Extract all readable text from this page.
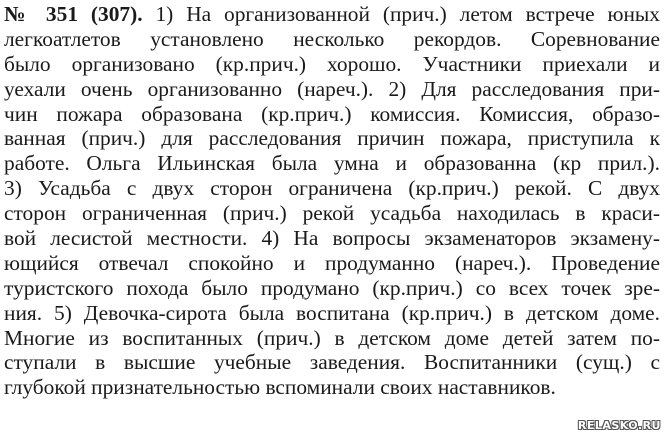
№ 351 (307). 1) На организованной (прич.) летом встрече юных
легкоатлетов установлено несколько рекордов. Соревнование
было организовано (кр.прич.) хорошо. Участники приехали и
уехали очень организованно (нареч.). 2) Для расследования при-
чин пожара образована (кр.прич.) комиссия. Комиссия, образо-
ванная (прич.) для расследования причин пожара, приступила к
работе. Ольга Ильинская была умна и образованна (кр прил.).
3) Усадьба с двух сторон ограничена (кр.прич.) рекой. С двух
сторон ограниченная (прич.) рекой усадьба находилась в краси-
вой лесистой местности. 4) На вопросы экзаменаторов экзамену-
ющийся отвечал спокойно и продуманно (нареч.). Проведение
туристского похода было продумано (кр.прич.) со всех точек зре-
ния. 5) Девочка-сирота была воспитана (кр.прич.) в детском доме.
Многие из воспитанных (прич.) в детском доме детей затем по-
ступали в высшие учебные заведения. Воспитанники (сущ.) с
глубокой признательностью вспоминали своих наставников.
RELASKO.RU
